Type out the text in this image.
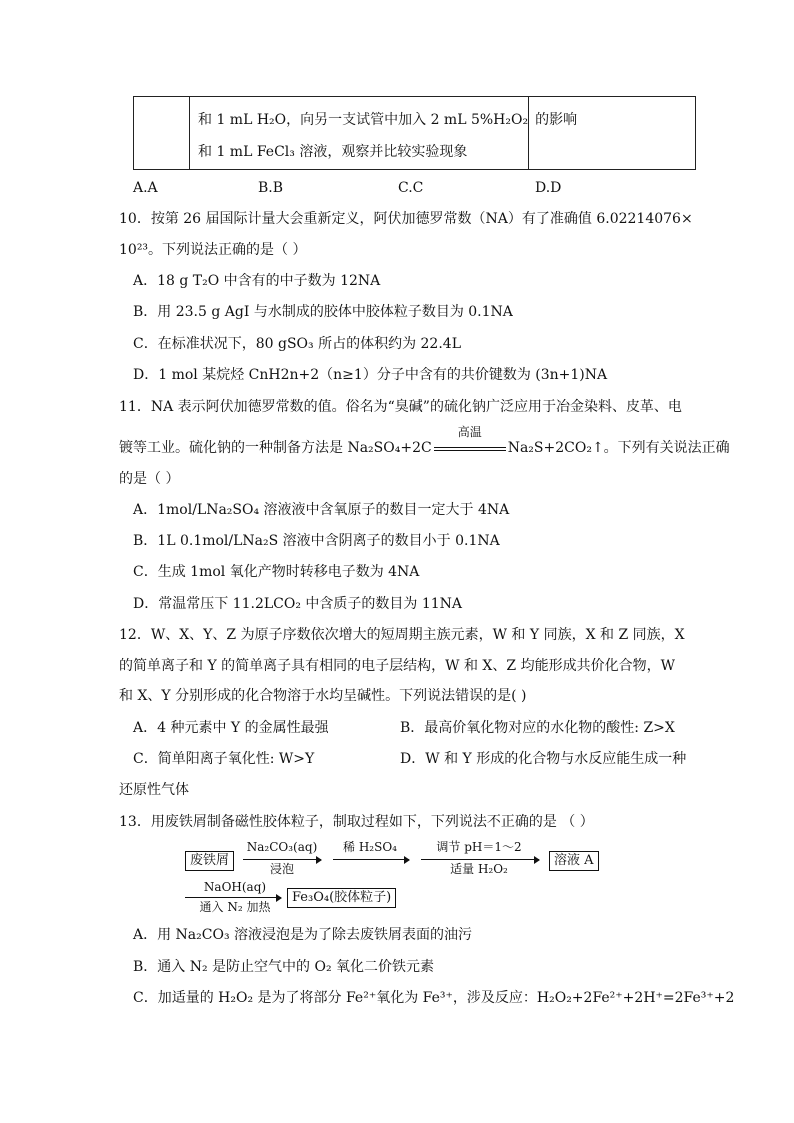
和 1 mL H₂O，向另一支试管中加入 2 mL 5%H₂O₂
和 1 mL FeCl₃ 溶液，观察并比较实验现象

的影响
A.A	B.B	C.C	D.D
10．按第 26 届国际计量大会重新定义，阿伏加德罗常数（NA）有了准确值 6.02214076×
10²³。下列说法正确的是（ ）
A．18 g T₂O 中含有的中子数为 12NA
B．用 23.5 g AgI 与水制成的胶体中胶体粒子数目为 0.1NA
C．在标准状况下，80 gSO₃ 所占的体积约为 22.4L
D．1 mol 某烷烃 CnH2n+2（n≥1）分子中含有的共价键数为 (3n+1)NA
11．NA 表示阿伏加德罗常数的值。俗名为“臭碱”的硫化钠广泛应用于冶金染料、皮革、电
镀等工业。硫化钠的一种制备方法是 Na₂SO₄+2C
高温
Na₂S+2CO₂↑。下列有关说法正确
的是（ ）
A．1mol/LNa₂SO₄ 溶液液中含氧原子的数目一定大于 4NA
B．1L 0.1mol/LNa₂S 溶液中含阴离子的数目小于 0.1NA
C．生成 1mol 氧化产物时转移电子数为 4NA
D．常温常压下 11.2LCO₂ 中含质子的数目为 11NA
12．W、X、Y、Z 为原子序数依次增大的短周期主族元素，W 和 Y 同族，X 和 Z 同族，X
的简单离子和 Y 的简单离子具有相同的电子层结构，W 和 X、Z 均能形成共价化合物，W
和 X、Y 分别形成的化合物溶于水均呈碱性。下列说法错误的是( )
A．4 种元素中 Y 的金属性最强	B．最高价氧化物对应的水化物的酸性: Z>X
C．简单阳离子氧化性: W>Y	D．W 和 Y 形成的化合物与水反应能生成一种
还原性气体
13．用废铁屑制备磁性胶体粒子，制取过程如下，下列说法不正确的是 （ ）
废铁屑
Na₂CO₃(aq)
浸泡
稀 H₂SO₄	调节 pH＝1～2
适量 H₂O₂
溶液 A
NaOH(aq)
通入 N₂ 加热
Fe₃O₄(胶体粒子)
A．用 Na₂CO₃ 溶液浸泡是为了除去废铁屑表面的油污
B．通入 N₂ 是防止空气中的 O₂ 氧化二价铁元素
C．加适量的 H₂O₂ 是为了将部分 Fe²⁺氧化为 Fe³⁺，涉及反应：H₂O₂+2Fe²⁺+2H⁺=2Fe³⁺+2
